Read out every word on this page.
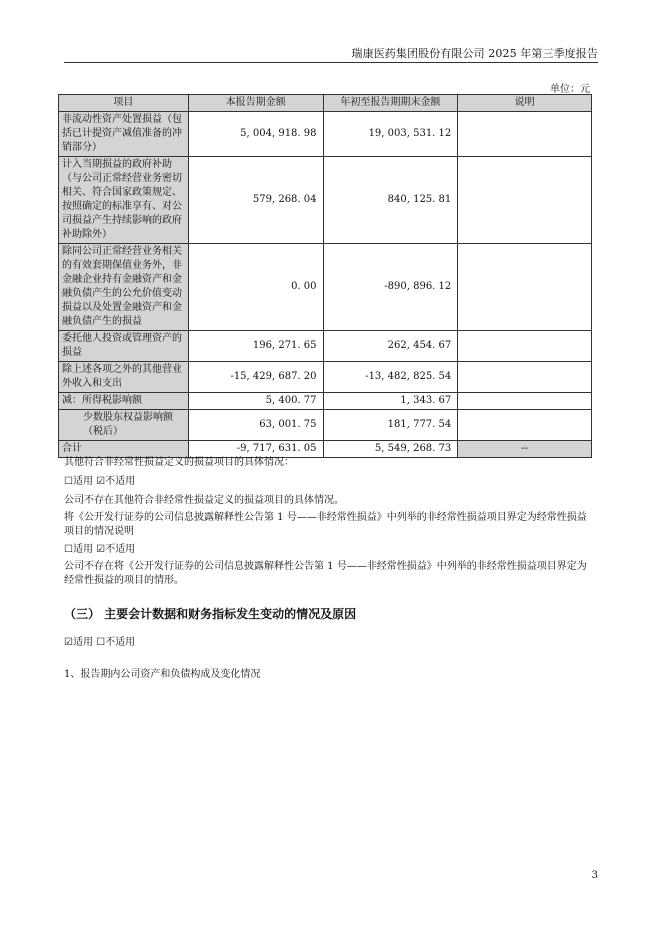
瑞康医药集团股份有限公司 2025 年第三季度报告
单位：元
项目	本报告期金额	年初至报告期期末金额	说明
非流动性资产处置损益（包括已计提资产减值准备的冲销部分）	5, 004, 918. 98	19, 003, 531. 12	
计入当期损益的政府补助（与公司正常经营业务密切相关、符合国家政策规定、按照确定的标准享有、对公司损益产生持续影响的政府补助除外）	579, 268. 04	840, 125. 81	
除同公司正常经营业务相关的有效套期保值业务外，非金融企业持有金融资产和金融负债产生的公允价值变动损益以及处置金融资产和金融负债产生的损益	0. 00	-890, 896. 12	
委托他人投资或管理资产的损益	196, 271. 65	262, 454. 67	
除上述各项之外的其他营业外收入和支出	-15, 429, 687. 20	-13, 482, 825. 54	
减：所得税影响额	5, 400. 77	1, 343. 67	
少数股东权益影响额（税后）	63, 001. 75	181, 777. 54	
合计	-9, 717, 631. 05	5, 549, 268. 73	--
其他符合非经常性损益定义的损益项目的具体情况：
☐适用 ☑不适用
公司不存在其他符合非经常性损益定义的损益项目的具体情况。
将《公开发行证券的公司信息披露解释性公告第 1 号——非经常性损益》中列举的非经常性损益项目界定为经常性损益项目的情况说明
☐适用 ☑不适用
公司不存在将《公开发行证券的公司信息披露解释性公告第 1 号——非经常性损益》中列举的非经常性损益项目界定为经常性损益的项目的情形。
（三） 主要会计数据和财务指标发生变动的情况及原因
☑适用 ☐不适用
1、报告期内公司资产和负债构成及变化情况
3
